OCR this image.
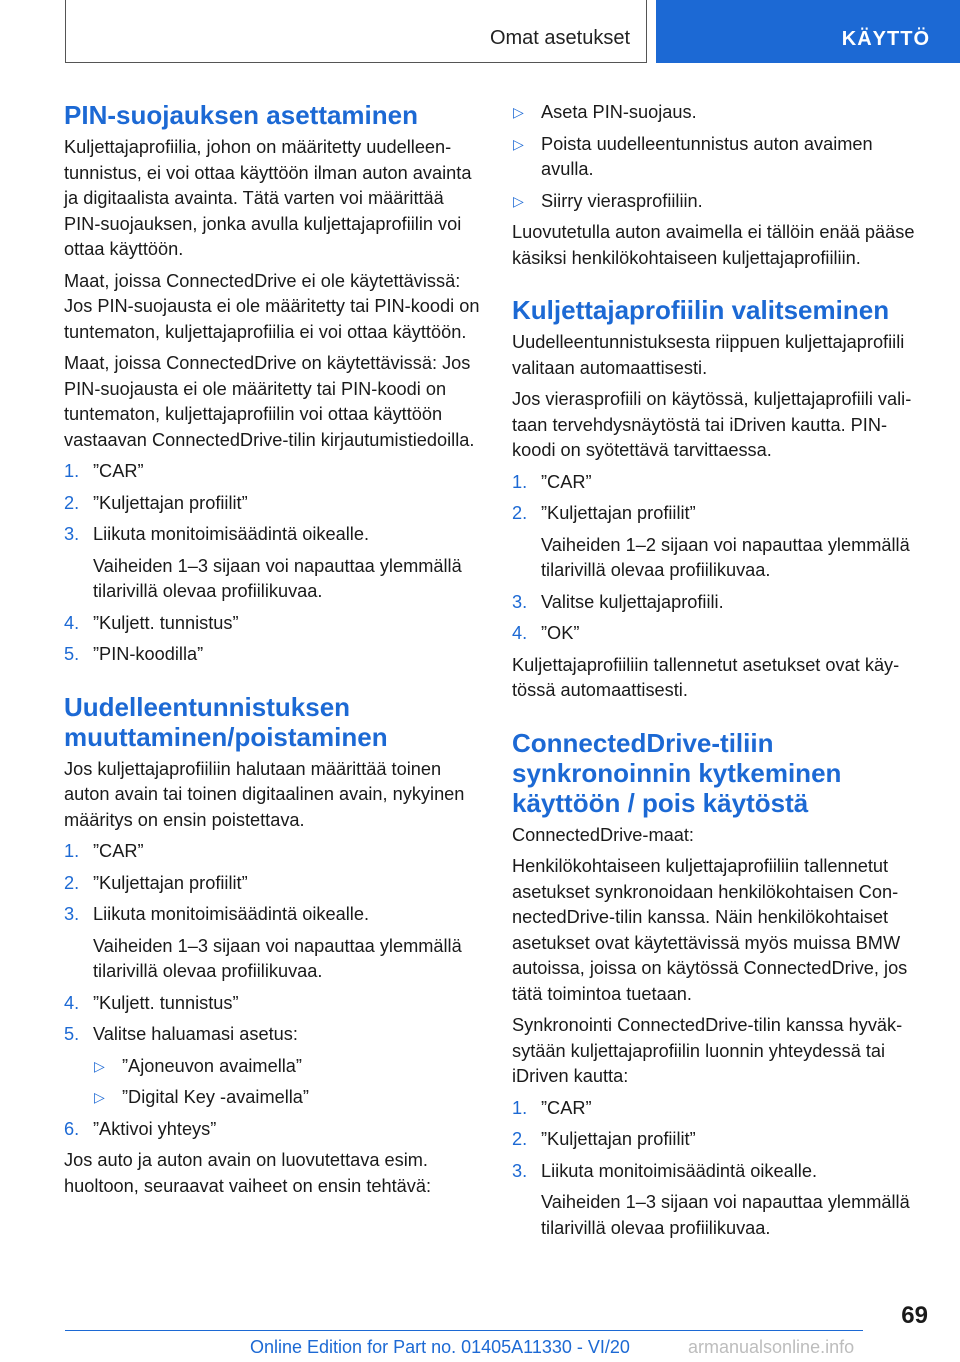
Omat asetukset	KÄYTTÖ
PIN-suojauksen asettaminen

Kuljettajaprofiilia, johon on määritetty uudelleentunnistus, ei voi ottaa käyttöön ilman auton avainta ja digitaalista avainta. Tätä varten voi määrittää PIN-suojauksen, jonka avulla kuljettajaprofiilin voi ottaa käyttöön.

Maat, joissa ConnectedDrive ei ole käytettävissä: Jos PIN-suojausta ei ole määritetty tai PIN-koodi on tuntematon, kuljettajaprofiilia ei voi ottaa käyttöön.

Maat, joissa ConnectedDrive on käytettävissä: Jos PIN-suojausta ei ole määritetty tai PIN-koodi on tuntematon, kuljettajaprofiilin voi ottaa käyttöön vastaavan ConnectedDrive-tilin kirjautumistiedoilla.

1. ”CAR”
2. ”Kuljettajan profiilit”
3. Liikuta monitoimisäädintä oikealle.
Vaiheiden 1–3 sijaan voi napauttaa ylemmällä tilarivillä olevaa profiilikuvaa.
4. ”Kuljett. tunnistus”
5. ”PIN-koodilla”
Uudelleentunnistuksen muuttaminen/poistaminen

Jos kuljettajaprofiiliin halutaan määrittää toinen auton avain tai toinen digitaalinen avain, nykyinen määritys on ensin poistettava.

1. ”CAR”
2. ”Kuljettajan profiilit”
3. Liikuta monitoimisäädintä oikealle.
Vaiheiden 1–3 sijaan voi napauttaa ylemmällä tilarivillä olevaa profiilikuvaa.
4. ”Kuljett. tunnistus”
5. Valitse haluamasi asetus:
▷ ”Ajoneuvon avaimella”
▷ ”Digital Key -avaimella”
6. ”Aktivoi yhteys”

Jos auto ja auton avain on luovutettava esim. huoltoon, seuraavat vaiheet on ensin tehtävä:

▷ Aseta PIN-suojaus.
▷ Poista uudelleentunnistus auton avaimen avulla.
▷ Siirry vierasprofiiliin.

Luovutetulla auton avaimella ei tällöin enää pääse käsiksi henkilökohtaiseen kuljettajaprofiiliin.

Kuljettajaprofiilin valitseminen

Uudelleentunnistuksesta riippuen kuljettajaprofiili valitaan automaattisesti.

Jos vierasprofiili on käytössä, kuljettajaprofiili valitaan tervehdysnäytöstä tai iDriven kautta. PIN-koodi on syötettävä tarvittaessa.

1. ”CAR”
2. ”Kuljettajan profiilit”
Vaiheiden 1–2 sijaan voi napauttaa ylemmällä tilarivillä olevaa profiilikuvaa.
3. Valitse kuljettajaprofiili.
4. ”OK”

Kuljettajaprofiiliin tallennetut asetukset ovat käytössä automaattisesti.

ConnectedDrive-tiliin synkronoinnin kytkeminen käyttöön / pois käytöstä

ConnectedDrive-maat:

Henkilökohtaiseen kuljettajaprofiiliin tallennetut asetukset synkronoidaan henkilökohtaisen ConnectedDrive-tilin kanssa. Näin henkilökohtaiset asetukset ovat käytettävissä myös muissa BMW autoissa, joissa on käytössä ConnectedDrive, jos tätä toimintoa tuetaan.

Synkronointi ConnectedDrive-tilin kanssa hyväksytään kuljettajaprofiilin luonnin yhteydessä tai iDriven kautta:

1. ”CAR”
2. ”Kuljettajan profiilit”
3. Liikuta monitoimisäädintä oikealle.
Vaiheiden 1–3 sijaan voi napauttaa ylemmällä tilarivillä olevaa profiilikuvaa.
69
Online Edition for Part no. 01405A11330 - VI/20	armanualsonline.info
